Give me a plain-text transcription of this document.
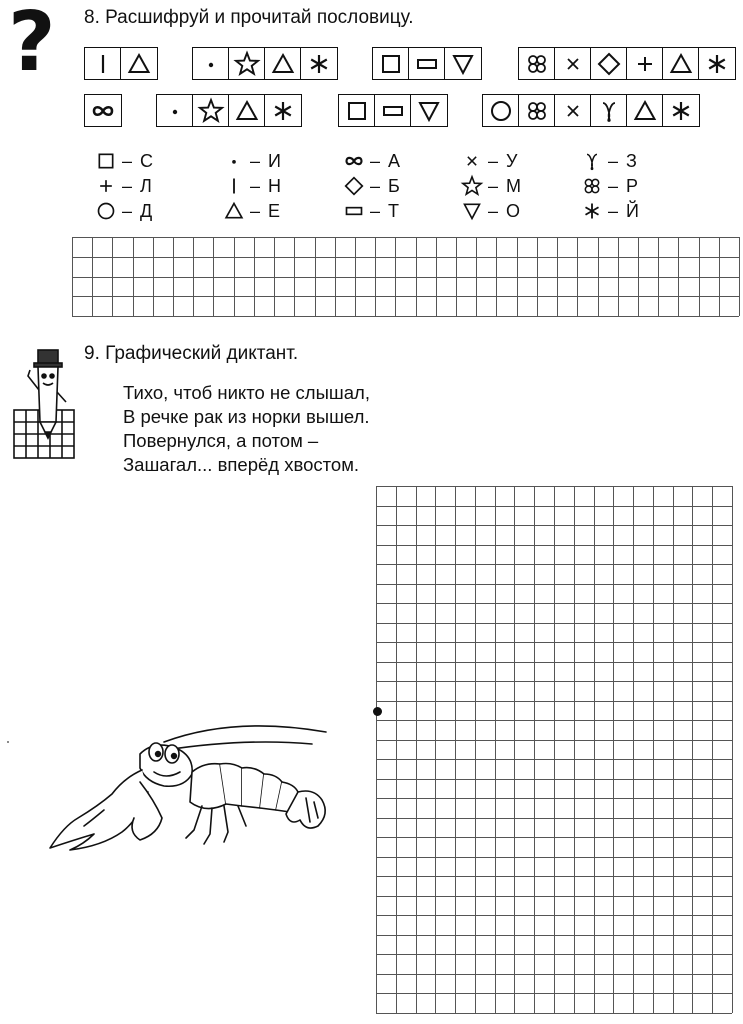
? 8. Расшифруй и прочитай пословицу.
– С
– Л
– Д
– И
– Н
– Е
– А
– Б
– Т
– У
– М
– О
– З
– Р
– Й
9. Графический диктант.
Тихо, чтоб никто не слышал,
В речке рак из норки вышел.
Повернулся, а потом –
Зашагал... вперёд хвостом.
